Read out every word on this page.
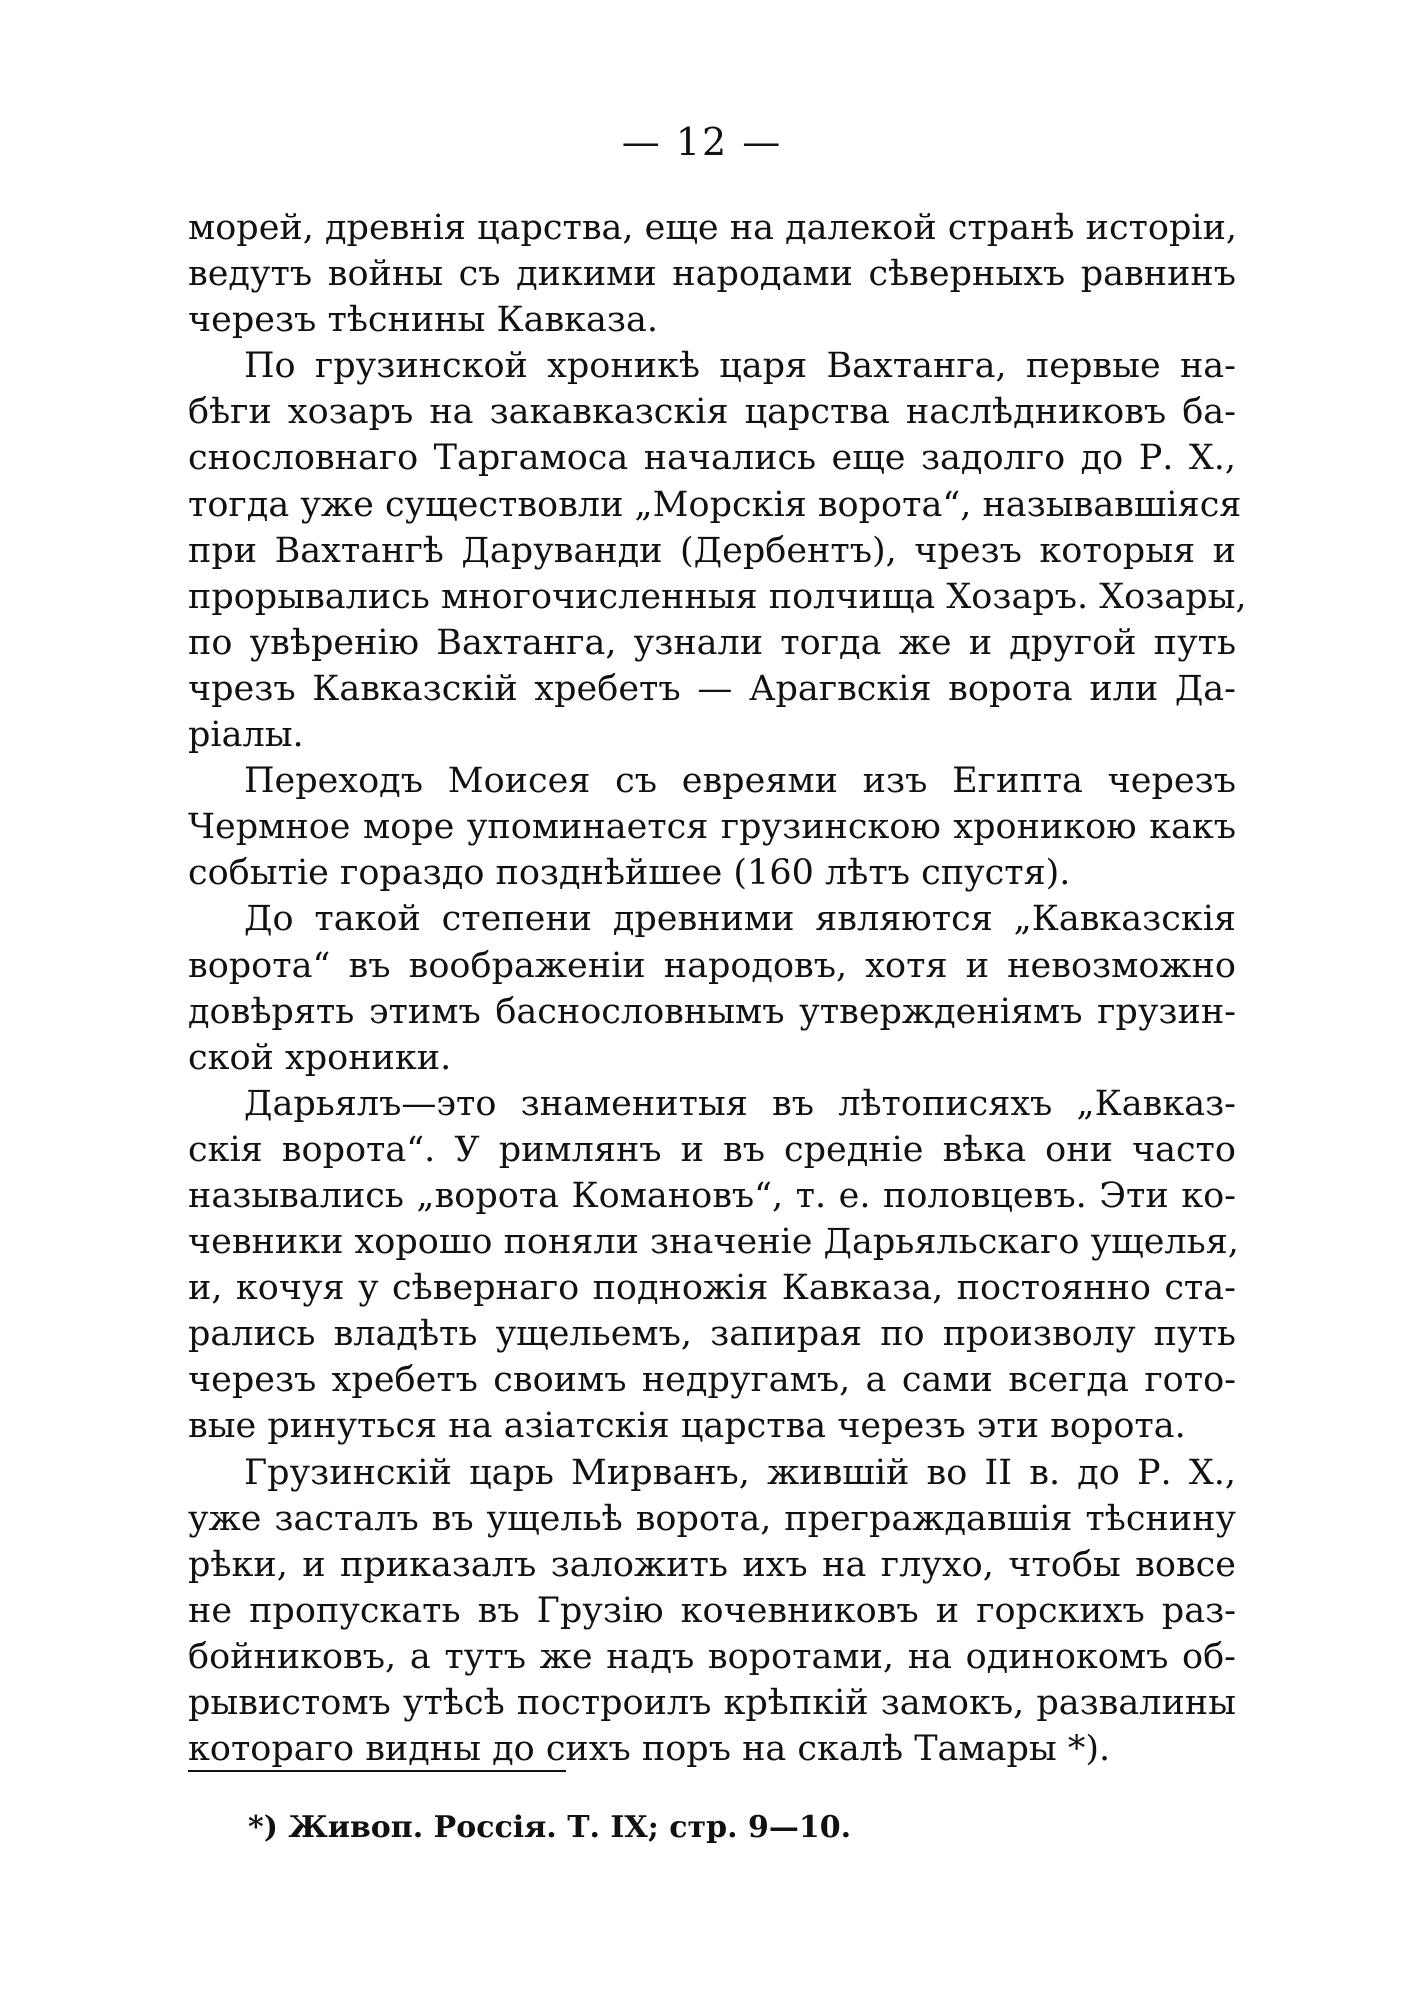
— 12 —
морей, древнія царства, еще на далекой странѣ исторіи,
ведутъ войны съ дикими народами сѣверныхъ равнинъ
черезъ тѣснины Кавказа.
По грузинской хроникѣ царя Вахтанга, первые на-
бѣги хозаръ на закавказскія царства наслѣдниковъ ба-
снословнаго Таргамоса начались еще задолго до Р. Х.,
тогда уже существовли „Морскія ворота“, называвшіяся
при Вахтангѣ Даруванди (Дербентъ), чрезъ которыя и
прорывались многочисленныя полчища Хозаръ. Хозары,
по увѣренію Вахтанга, узнали тогда же и другой путь
чрезъ Кавказскій хребетъ — Арагвскія ворота или Да-
ріалы.
Переходъ Моисея съ евреями изъ Египта черезъ
Чермное море упоминается грузинскою хроникою какъ
событіе гораздо позднѣйшее (160 лѣтъ спустя).
До такой степени древними являются „Кавказскія
ворота“ въ воображеніи народовъ, хотя и невозможно
довѣрять этимъ баснословнымъ утвержденіямъ грузин-
ской хроники.
Дарьялъ—это знаменитыя въ лѣтописяхъ „Кавказ-
скія ворота“. У римлянъ и въ средніе вѣка они часто
назывались „ворота Комановъ“, т. е. половцевъ. Эти ко-
чевники хорошо поняли значеніе Дарьяльскаго ущелья,
и, кочуя у сѣвернаго подножія Кавказа, постоянно ста-
рались владѣть ущельемъ, запирая по произволу путь
черезъ хребетъ своимъ недругамъ, а сами всегда гото-
вые ринуться на азіатскія царства черезъ эти ворота.
Грузинскій царь Мирванъ, жившій во II в. до Р. Х.,
уже засталъ въ ущельѣ ворота, преграждавшія тѣснину
рѣки, и приказалъ заложить ихъ на глухо, чтобы вовсе
не пропускать въ Грузію кочевниковъ и горскихъ раз-
бойниковъ, а тутъ же надъ воротами, на одинокомъ об-
рывистомъ утѣсѣ построилъ крѣпкій замокъ, развалины
котораго видны до сихъ поръ на скалѣ Тамары *).
*) Живоп. Россія. Т. IX; стр. 9—10.
